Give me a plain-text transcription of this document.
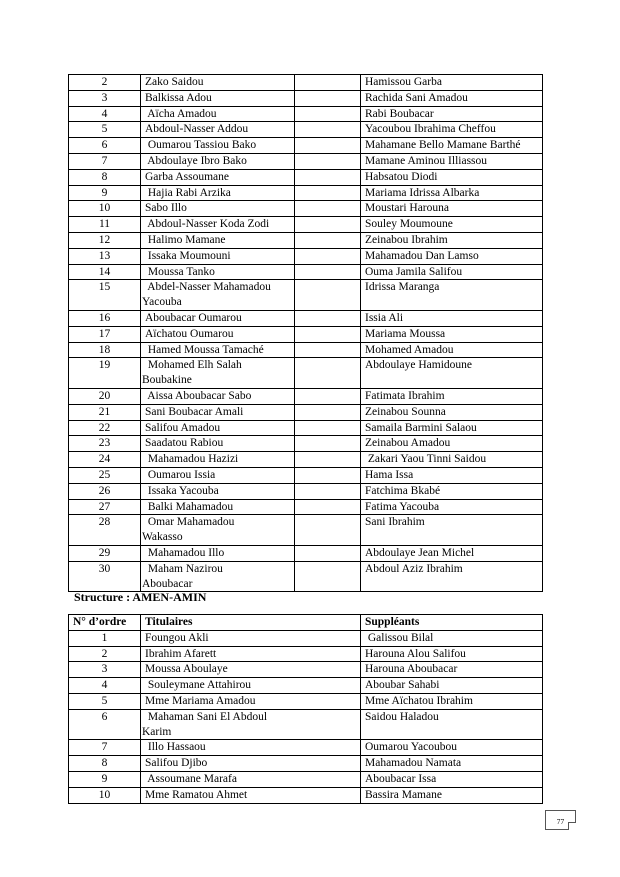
2	Zako Saidou		Hamissou Garba
3	Balkissa Adou		Rachida Sani Amadou
4	Aïcha Amadou		Rabi Boubacar
5	Abdoul-Nasser Addou		Yacoubou Ibrahima Cheffou
6	Oumarou Tassiou Bako		Mahamane Bello Mamane Barthé
7	Abdoulaye Ibro Bako		Mamane Aminou Illiassou
8	Garba Assoumane		Habsatou Diodi
9	Hajia Rabi Arzika		Mariama Idrissa Albarka
10	Sabo Illo		Moustari Harouna
11	Abdoul-Nasser Koda Zodi		Souley Moumoune
12	Halimo Mamane		Zeinabou Ibrahim
13	Issaka Moumouni		Mahamadou Dan Lamso
14	Moussa Tanko		Ouma Jamila Salifou
15	Abdel-Nasser Mahamadou
Yacouba		Idrissa Maranga
16	Aboubacar Oumarou		Issia Ali
17	Aïchatou Oumarou		Mariama Moussa
18	Hamed Moussa Tamaché		Mohamed Amadou
19	Mohamed Elh Salah
Boubakine		Abdoulaye Hamidoune
20	Aissa Aboubacar Sabo		Fatimata Ibrahim
21	Sani Boubacar Amali		Zeinabou Sounna
22	Salifou Amadou		Samaila Barmini Salaou
23	Saadatou Rabiou		Zeinabou Amadou
24	Mahamadou Hazizi		Zakari Yaou Tinni Saidou
25	Oumarou Issia		Hama Issa
26	Issaka Yacouba		Fatchima Bkabé
27	Balki Mahamadou		Fatima Yacouba
28	Omar Mahamadou
Wakasso		Sani Ibrahim
29	Mahamadou Illo		Abdoulaye Jean Michel
30	Maham Nazirou
Aboubacar		Abdoul Aziz Ibrahim
Structure : AMEN-AMIN
N° d’ordre	Titulaires	Suppléants
1	Foungou Akli	Galissou Bilal
2	Ibrahim Afarett	Harouna Alou Salifou
3	Moussa Aboulaye	Harouna Aboubacar
4	Souleymane Attahirou	Aboubar Sahabi
5	Mme Mariama Amadou	Mme Aïchatou Ibrahim
6	Mahaman Sani El Abdoul
Karim	Saidou Haladou
7	Illo Hassaou	Oumarou Yacoubou
8	Salifou Djibo	Mahamadou Namata
9	Assoumane Marafa	Aboubacar Issa
10	Mme Ramatou Ahmet	Bassira Mamane
77
